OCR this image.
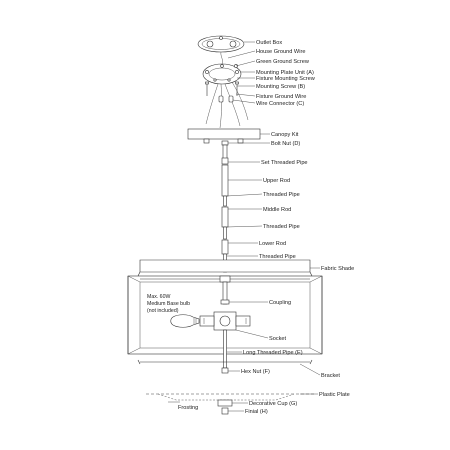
Outlet Box
House Ground Wire
Green Ground Screw
Mounting Plate Unit (A)
Fixture Mounting Screw
Mounting Screw (B)
Fixture Ground Wire
Wire Connector (C)
Canopy Kit
Bolt Nut (D)
Set Threaded Pipe
Upper Rod
Threaded Pipe
Middle Rod
Threaded Pipe
Lower Rod
Threaded Pipe
Fabric Shade
Max. 60W
Medium Base bulb
(not included)
Coupling
Socket
Long Threaded Pipe (E)
Hex Nut (F)
Bracket
Plastic Plate
Frosting
Decorative Cup (G)
Finial (H)
